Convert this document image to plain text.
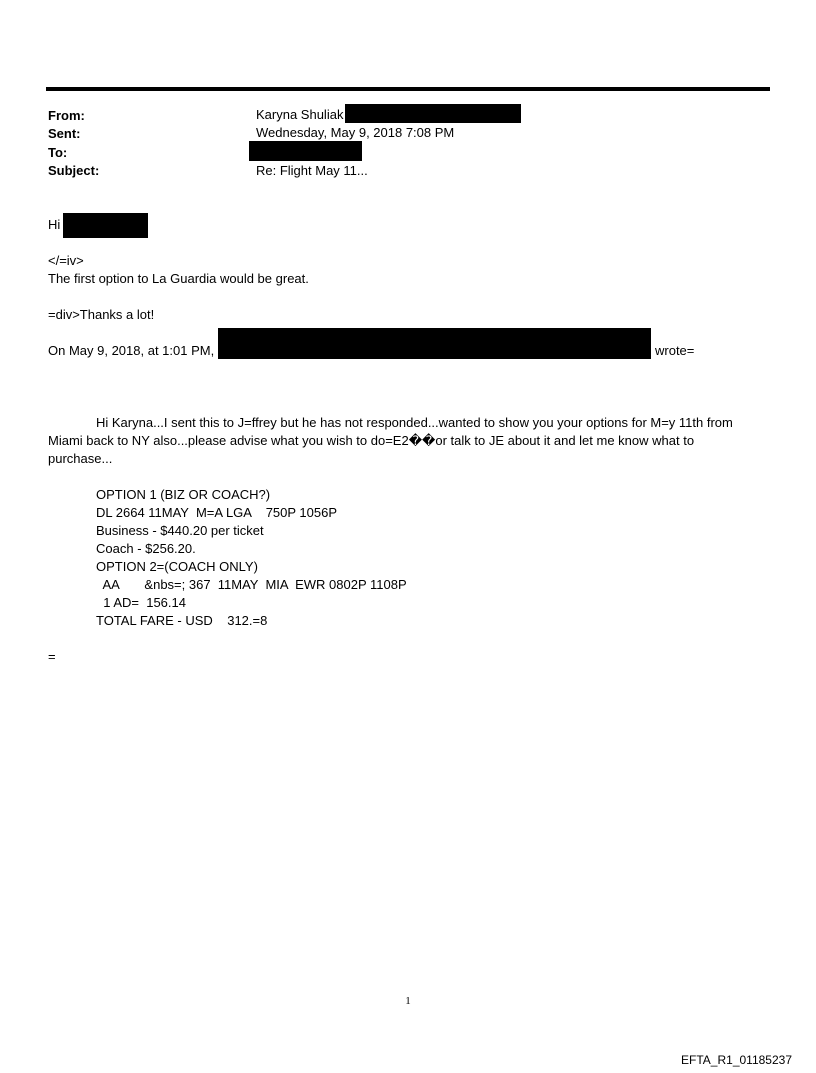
From:	Karyna Shuliak
Sent:	Wednesday, May 9, 2018 7:08 PM
To:
Subject:	Re: Flight May 11...
Hi
</=iv>
The first option to La Guardia would be great.
=div>Thanks a lot!
On May 9, 2018, at 1:01 PM,	wrote=
Hi Karyna...I sent this to J=ffrey but he has not responded...wanted to show you your options for M=y 11th from
Miami back to NY also...please advise what you wish to do=E2��or talk to JE about it and let me know what to
purchase...
OPTION 1 (BIZ OR COACH?)
DL 2664 11MAY  M=A LGA    750P 1056P
Business - $440.20 per ticket
Coach - $256.20.
OPTION 2=(COACH ONLY)
AA       &nbs=; 367  11MAY  MIA  EWR 0802P 1108P
1 AD=  156.14
TOTAL FARE - USD    312.=8
=
1
EFTA_R1_01185237
